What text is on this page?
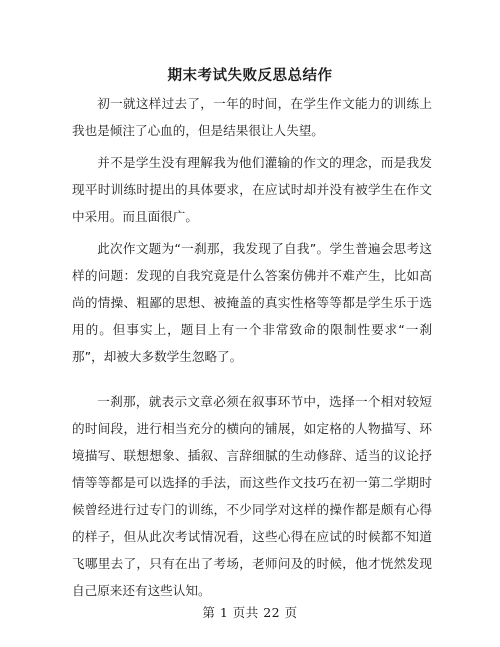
期末考试失败反思总结作

初一就这样过去了，一年的时间，在学生作文能力的训练上我也是倾注了心血的，但是结果很让人失望。

并不是学生没有理解我为他们灌输的作文的理念，而是我发现平时训练时提出的具体要求，在应试时却并没有被学生在作文中采用。而且面很广。

此次作文题为“一刹那，我发现了自我”。学生普遍会思考这样的问题：发现的自我究竟是什么答案仿佛并不难产生，比如高尚的情操、粗鄙的思想、被掩盖的真实性格等等都是学生乐于选用的。但事实上，题目上有一个非常致命的限制性要求“一刹那”，却被大多数学生忽略了。

一刹那，就表示文章必须在叙事环节中，选择一个相对较短的时间段，进行相当充分的横向的铺展，如定格的人物描写、环境描写、联想想象、插叙、言辞细腻的生动修辞、适当的议论抒情等等都是可以选择的手法，而这些作文技巧在初一第二学期时候曾经进行过专门的训练，不少同学对这样的操作都是颇有心得的样子，但从此次考试情况看，这些心得在应试的时候都不知道飞哪里去了，只有在出了考场，老师问及的时候，他才恍然发现自己原来还有这些认知。

第 1 页共 22 页
